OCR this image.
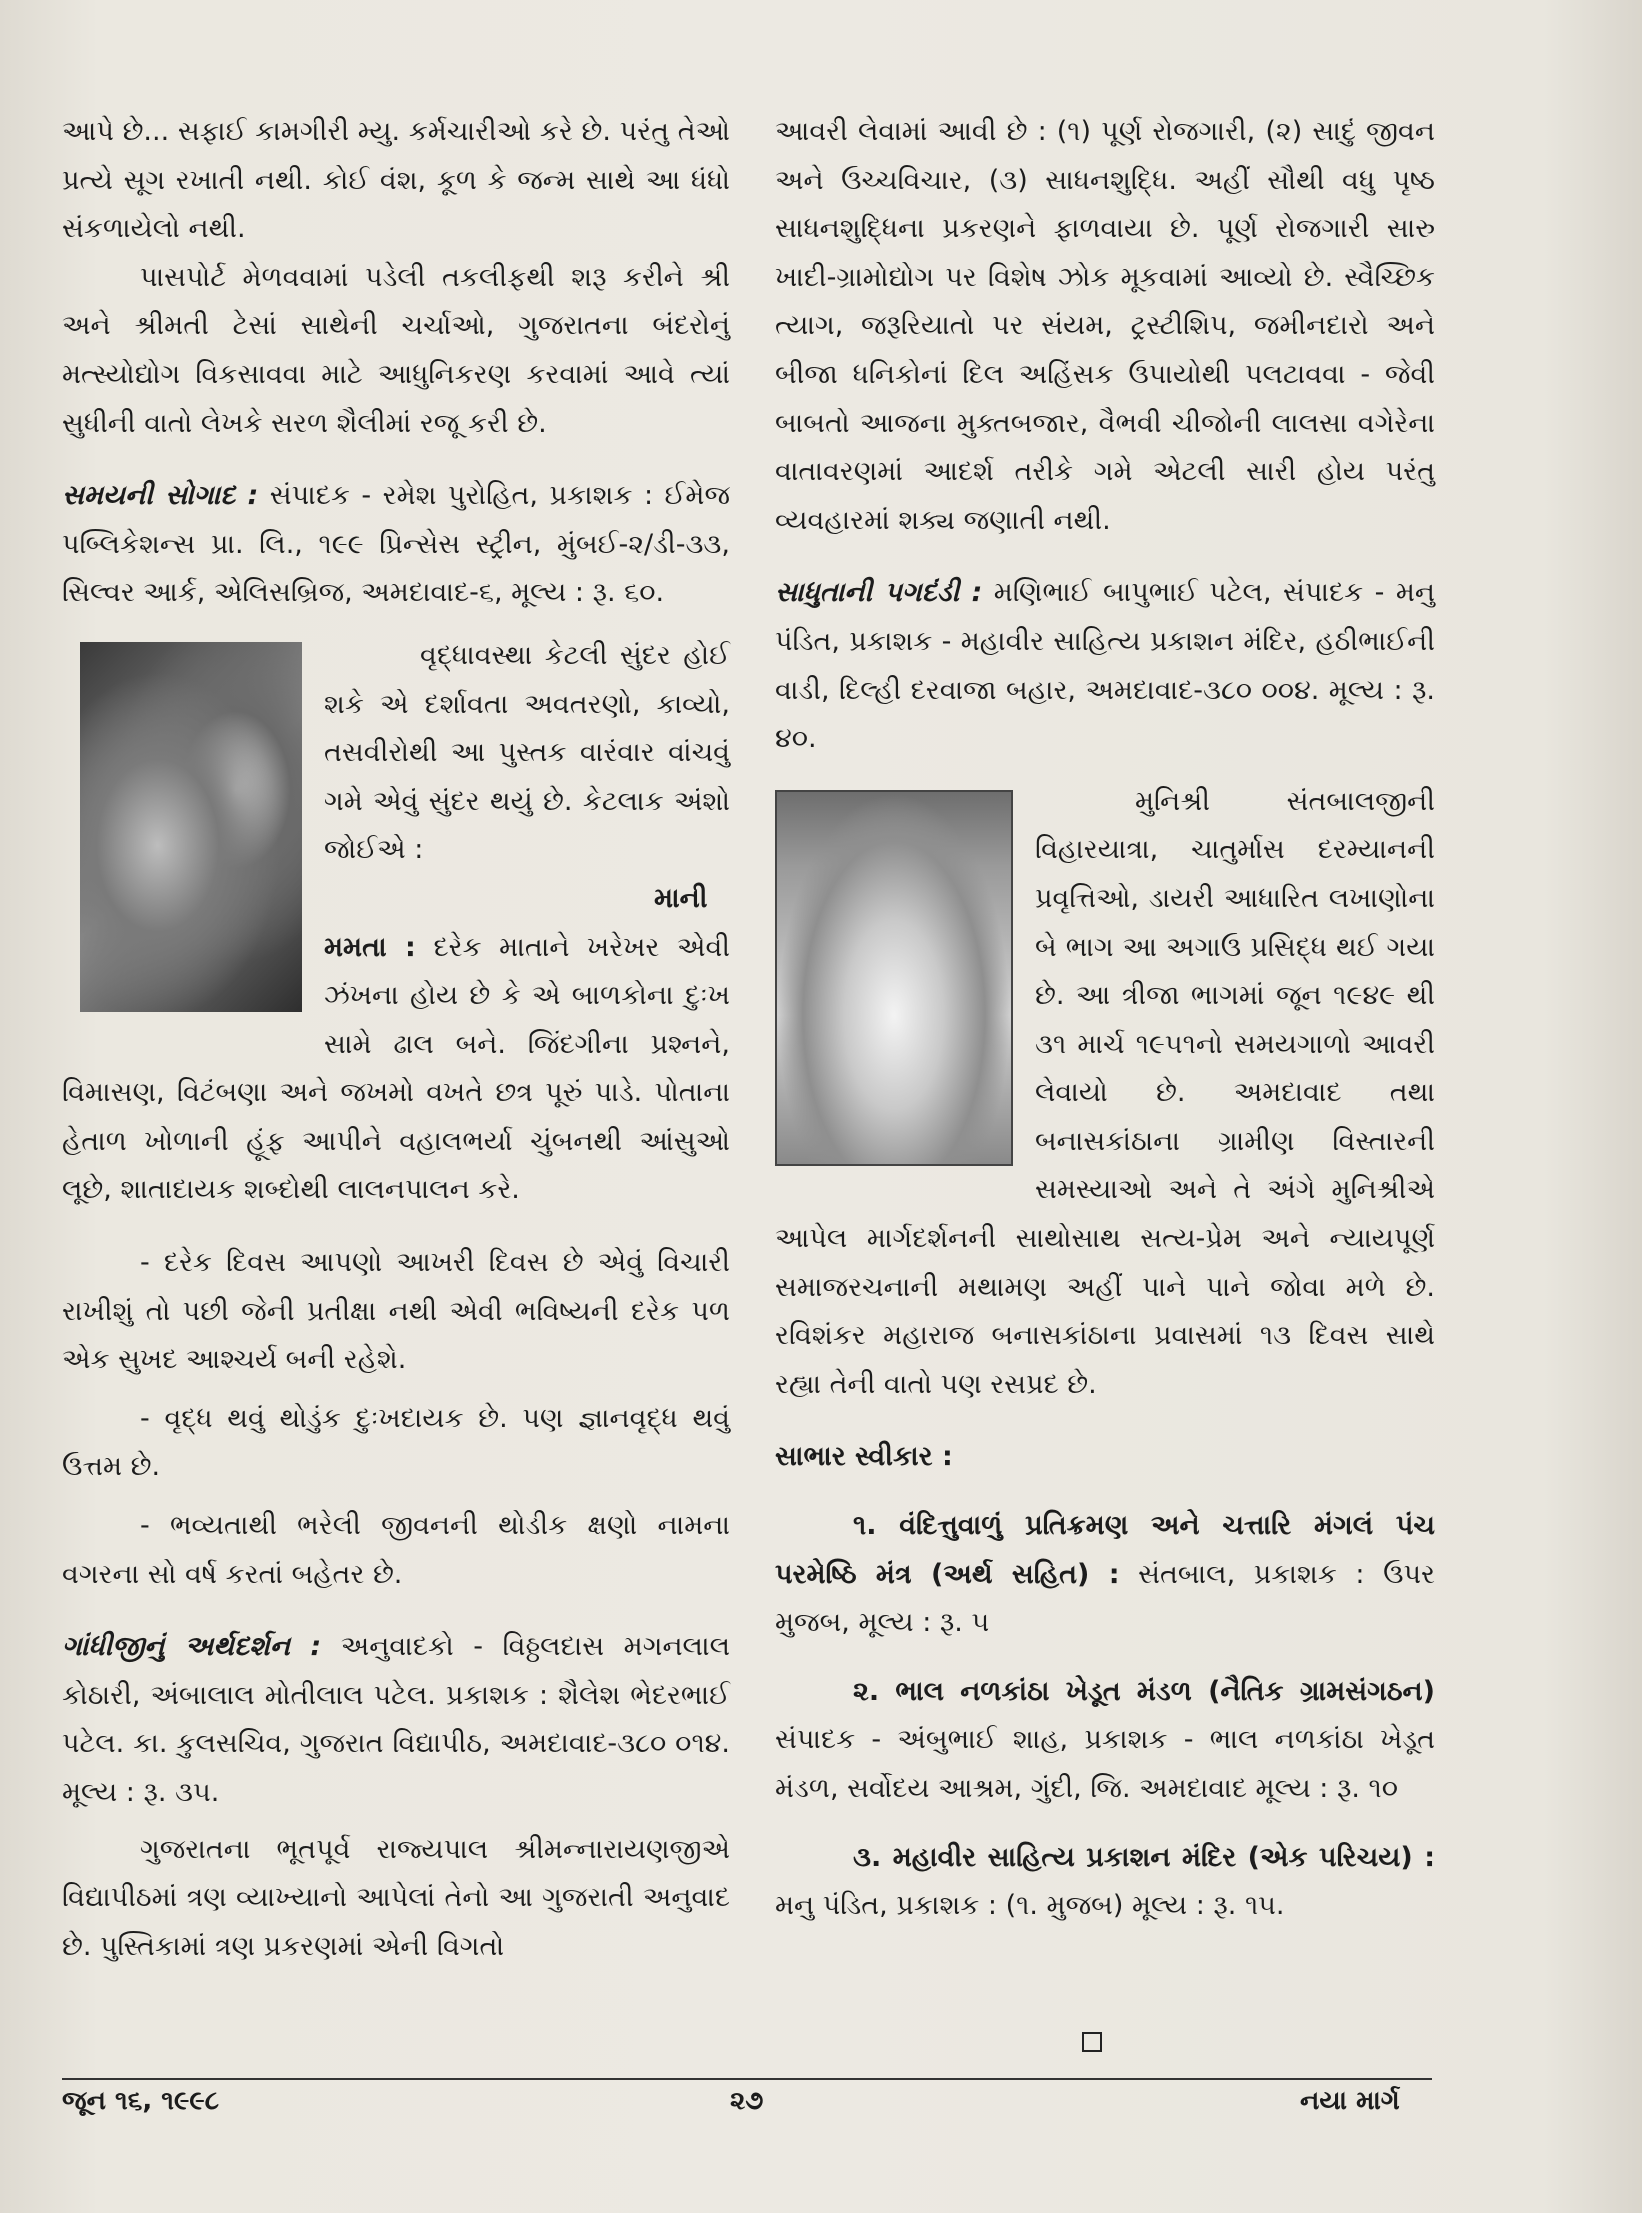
આપે છે... સફાઈ કામગીરી મ્યુ. કર્મચારીઓ કરે છે. પરંતુ તેઓ પ્રત્યે સૂગ રખાતી નથી. કોઈ વંશ, કૂળ કે જન્મ સાથે આ ધંધો સંકળાયેલો નથી.

પાસપોર્ટ મેળવવામાં પડેલી તકલીફથી શરૂ કરીને શ્રી અને શ્રીમતી ટેસાં સાથેની ચર્ચાઓ, ગુજરાતના બંદરોનું મત્સ્યોદ્યોગ વિકસાવવા માટે આધુનિકરણ કરવામાં આવે ત્યાં સુધીની વાતો લેખકે સરળ શૈલીમાં રજૂ કરી છે.

સમયની સોગાદ : સંપાદક - રમેશ પુરોહિત, પ્રકાશક : ઈમેજ પબ્લિકેશન્સ પ્રા. લિ., ૧૯૯ પ્રિન્સેસ સ્ટ્રીન, મુંબઈ-૨/ડી-૩૩, સિલ્વર આર્ક, એલિસબ્રિજ, અમદાવાદ-૬, મૂલ્ય : રૂ. ૬૦.

વૃદ્ધાવસ્થા કેટલી સુંદર હોઈ શકે એ દર્શાવતા અવતરણો, કાવ્યો, તસવીરોથી આ પુસ્તક વારંવાર વાંચવું ગમે એવું સુંદર થયું છે. કેટલાક અંશો જોઈએ :

માની મમતા : દરેક માતાને ખરેખર એવી ઝંખના હોય છે કે એ બાળકોના દુઃખ સામે ઢાલ બને. જિંદગીના પ્રશ્નને, વિમાસણ, વિટંબણા અને જખમો વખતે છત્ર પૂરું પાડે. પોતાના હેતાળ ખોળાની હૂંફ આપીને વહાલભર્યા ચુંબનથી આંસુઓ લૂછે, શાતાદાયક શબ્દોથી લાલનપાલન કરે.

- દરેક દિવસ આપણો આખરી દિવસ છે એવું વિચારી રાખીશું તો પછી જેની પ્રતીક્ષા નથી એવી ભવિષ્યની દરેક પળ એક સુખદ આશ્ચર્ય બની રહેશે.

- વૃદ્ધ થવું થોડુંક દુઃખદાયક છે. પણ જ્ઞાનવૃદ્ધ થવું ઉત્તમ છે.

- ભવ્યતાથી ભરેલી જીવનની થોડીક ક્ષણો નામના વગરના સો વર્ષ કરતાં બહેતર છે.

ગાંધીજીનું અર્થદર્શન : અનુવાદકો - વિઠ્ઠલદાસ મગનલાલ કોઠારી, અંબાલાલ મોતીલાલ પટેલ. પ્રકાશક : શૈલેશ ભેદરભાઈ પટેલ. કા. કુલસચિવ, ગુજરાત વિદ્યાપીઠ, અમદાવાદ-૩૮૦ ૦૧૪. મૂલ્ય : રૂ. ૩૫.

ગુજરાતના ભૂતપૂર્વ રાજ્યપાલ શ્રીમન્નારાયણજીએ વિદ્યાપીઠમાં ત્રણ વ્યાખ્યાનો આપેલાં તેનો આ ગુજરાતી અનુવાદ છે. પુસ્તિકામાં ત્રણ પ્રકરણમાં એની વિગતો

આવરી લેવામાં આવી છે : (૧) પૂર્ણ રોજગારી, (૨) સાદું જીવન અને ઉચ્ચવિચાર, (૩) સાધનશુદ્ધિ. અહીં સૌથી વધુ પૃષ્ઠ સાધનશુદ્ધિના પ્રકરણને ફાળવાયા છે. પૂર્ણ રોજગારી સારુ ખાદી-ગ્રામોદ્યોગ પર વિશેષ ઝોક મૂકવામાં આવ્યો છે. સ્વૈચ્છિક ત્યાગ, જરૂરિયાતો પર સંયમ, ટ્રસ્ટીશિપ, જમીનદારો અને બીજા ધનિકોનાં દિલ અહિંસક ઉપાયોથી પલટાવવા - જેવી બાબતો આજના મુક્તબજાર, વૈભવી ચીજોની લાલસા વગેરેના વાતાવરણમાં આદર્શ તરીકે ગમે એટલી સારી હોય પરંતુ વ્યવહારમાં શક્ય જણાતી નથી.

સાધુતાની પગદંડી : મણિભાઈ બાપુભાઈ પટેલ, સંપાદક - મનુ પંડિત, પ્રકાશક - મહાવીર સાહિત્ય પ્રકાશન મંદિર, હઠીભાઈની વાડી, દિલ્હી દરવાજા બહાર, અમદાવાદ-૩૮૦ ૦૦૪. મૂલ્ય : રૂ. ૪૦.

મુનિશ્રી સંતબાલજીની વિહારયાત્રા, ચાતુર્માસ દરમ્યાનની પ્રવૃત્તિઓ, ડાયરી આધારિત લખાણોના બે ભાગ આ અગાઉ પ્રસિદ્ધ થઈ ગયા છે. આ ત્રીજા ભાગમાં જૂન ૧૯૪૯ થી ૩૧ માર્ચ ૧૯૫૧નો સમયગાળો આવરી લેવાયો છે. અમદાવાદ તથા બનાસકાંઠાના ગ્રામીણ વિસ્તારની સમસ્યાઓ અને તે અંગે મુનિશ્રીએ આપેલ માર્ગદર્શનની સાથોસાથ સત્ય-પ્રેમ અને ન્યાયપૂર્ણ સમાજરચનાની મથામણ અહીં પાને પાને જોવા મળે છે. રવિશંકર મહારાજ બનાસકાંઠાના પ્રવાસમાં ૧૩ દિવસ સાથે રહ્યા તેની વાતો પણ રસપ્રદ છે.

સાભાર સ્વીકાર :

૧. વંદિત્તુવાળું પ્રતિક્રમણ અને ચત્તારિ મંગલં પંચ પરમેષ્ઠિ મંત્ર (અર્થ સહિત) : સંતબાલ, પ્રકાશક : ઉપર મુજબ, મૂલ્ય : રૂ. ૫

૨. ભાલ નળકાંઠા ખેડૂત મંડળ (નૈતિક ગ્રામસંગઠન) સંપાદક - અંબુભાઈ શાહ, પ્રકાશક - ભાલ નળકાંઠા ખેડૂત મંડળ, સર્વોદય આશ્રમ, ગુંદી, જિ. અમદાવાદ મૂલ્ય : રૂ. ૧૦

૩. મહાવીર સાહિત્ય પ્રકાશન મંદિર (એક પરિચય) : મનુ પંડિત, પ્રકાશક : (૧. મુજબ) મૂલ્ય : રૂ. ૧૫.

જૂન ૧૬, ૧૯૯૮	૨૭	નયા માર્ગ
